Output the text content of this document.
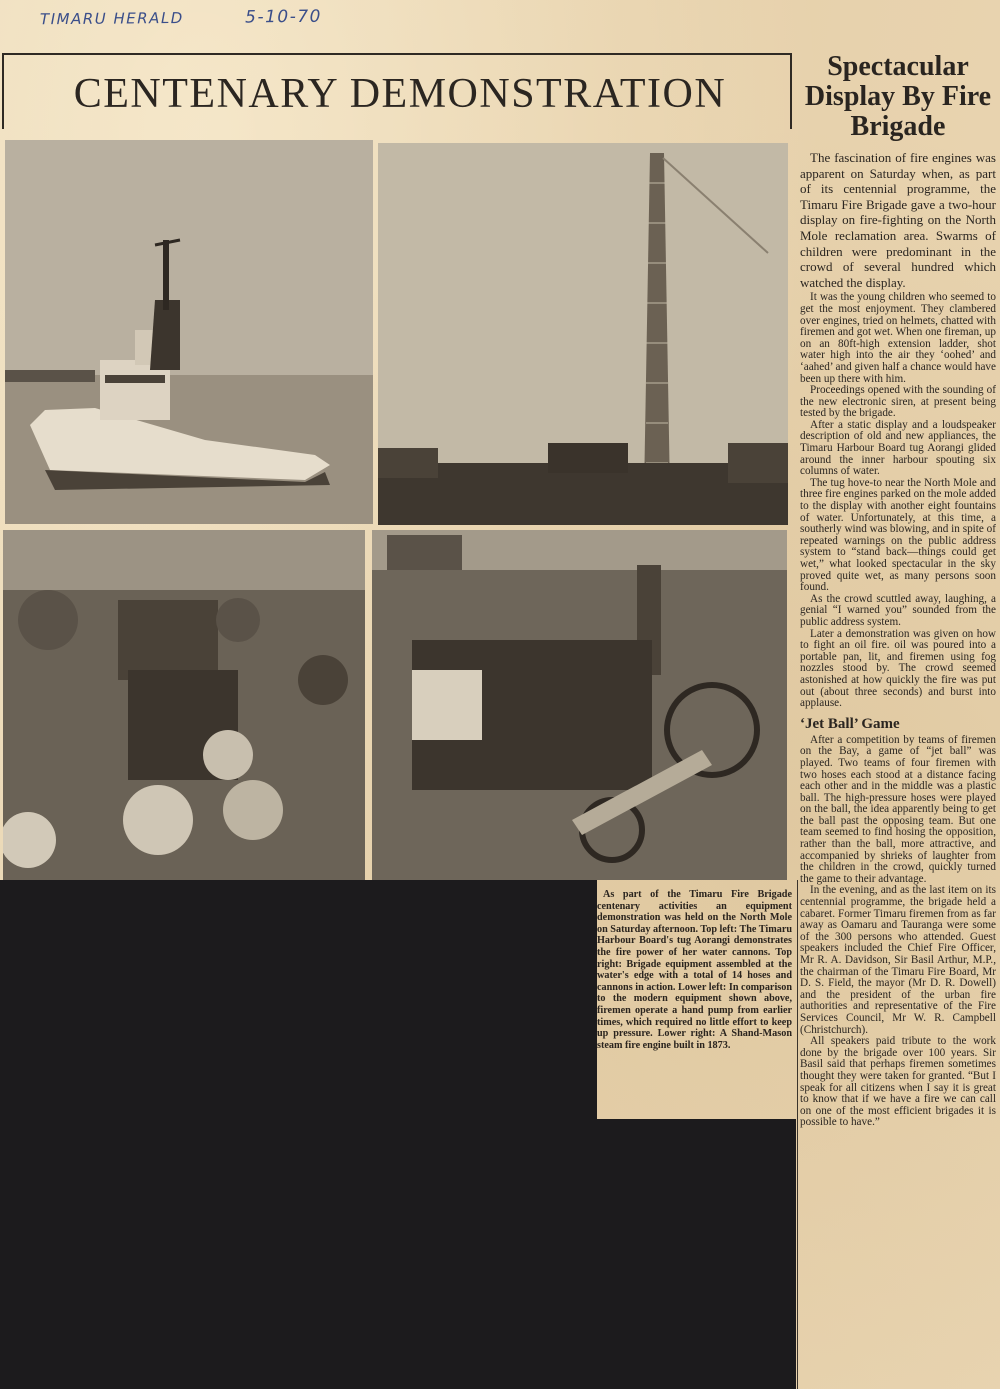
TIMARU HERALD	5-10-70
CENTENARY DEMONSTRATION

As part of the Timaru Fire Brigade centenary activities an equipment demonstration was held on the North Mole on Saturday afternoon. Top left: The Timaru Harbour Board's tug Aorangi demonstrates the fire power of her water cannons. Top right: Brigade equipment assembled at the water's edge with a total of 14 hoses and cannons in action. Lower left: In comparison to the modern equipment shown above, firemen operate a hand pump from earlier times, which required no little effort to keep up pressure. Lower right: A Shand-Mason steam fire engine built in 1873.

Spectacular Display By Fire Brigade

The fascination of fire engines was apparent on Saturday when, as part of its centennial programme, the Timaru Fire Brigade gave a two-hour display on fire-fighting on the North Mole reclamation area. Swarms of children were predominant in the crowd of several hundred which watched the display.

It was the young children who seemed to get the most enjoyment. They clambered over engines, tried on helmets, chatted with firemen and got wet. When one fireman, up on an 80ft-high extension ladder, shot water high into the air they ‘oohed’ and ‘aahed’ and given half a chance would have been up there with him.

Proceedings opened with the sounding of the new electronic siren, at present being tested by the brigade.

After a static display and a loudspeaker description of old and new appliances, the Timaru Harbour Board tug Aorangi glided around the inner harbour spouting six columns of water.

The tug hove-to near the North Mole and three fire engines parked on the mole added to the display with another eight fountains of water. Unfortunately, at this time, a southerly wind was blowing, and in spite of repeated warnings on the public address system to “stand back—things could get wet,” what looked spectacular in the sky proved quite wet, as many persons soon found.

As the crowd scuttled away, laughing, a genial “I warned you” sounded from the public address system.

Later a demonstration was given on how to fight an oil fire. oil was poured into a portable pan, lit, and firemen using fog nozzles stood by. The crowd seemed astonished at how quickly the fire was put out (about three seconds) and burst into applause.

‘Jet Ball’ Game

After a competition by teams of firemen on the Bay, a game of “jet ball” was played. Two teams of four firemen with two hoses each stood at a distance facing each other and in the middle was a plastic ball. The high-pressure hoses were played on the ball, the idea apparently being to get the ball past the opposing team. But one team seemed to find hosing the opposition, rather than the ball, more attractive, and accompanied by shrieks of laughter from the children in the crowd, quickly turned the game to their advantage.

In the evening, and as the last item on its centennial programme, the brigade held a cabaret. Former Timaru firemen from as far away as Oamaru and Tauranga were some of the 300 persons who attended. Guest speakers included the Chief Fire Officer, Mr R. A. Davidson, Sir Basil Arthur, M.P., the chairman of the Timaru Fire Board, Mr D. S. Field, the mayor (Mr D. R. Dowell) and the president of the urban fire authorities and representative of the Fire Services Council, Mr W. R. Campbell (Christchurch).

All speakers paid tribute to the work done by the brigade over 100 years. Sir Basil said that perhaps firemen sometimes thought they were taken for granted. “But I speak for all citizens when I say it is great to know that if we have a fire we can call on one of the most efficient brigades it is possible to have.”
